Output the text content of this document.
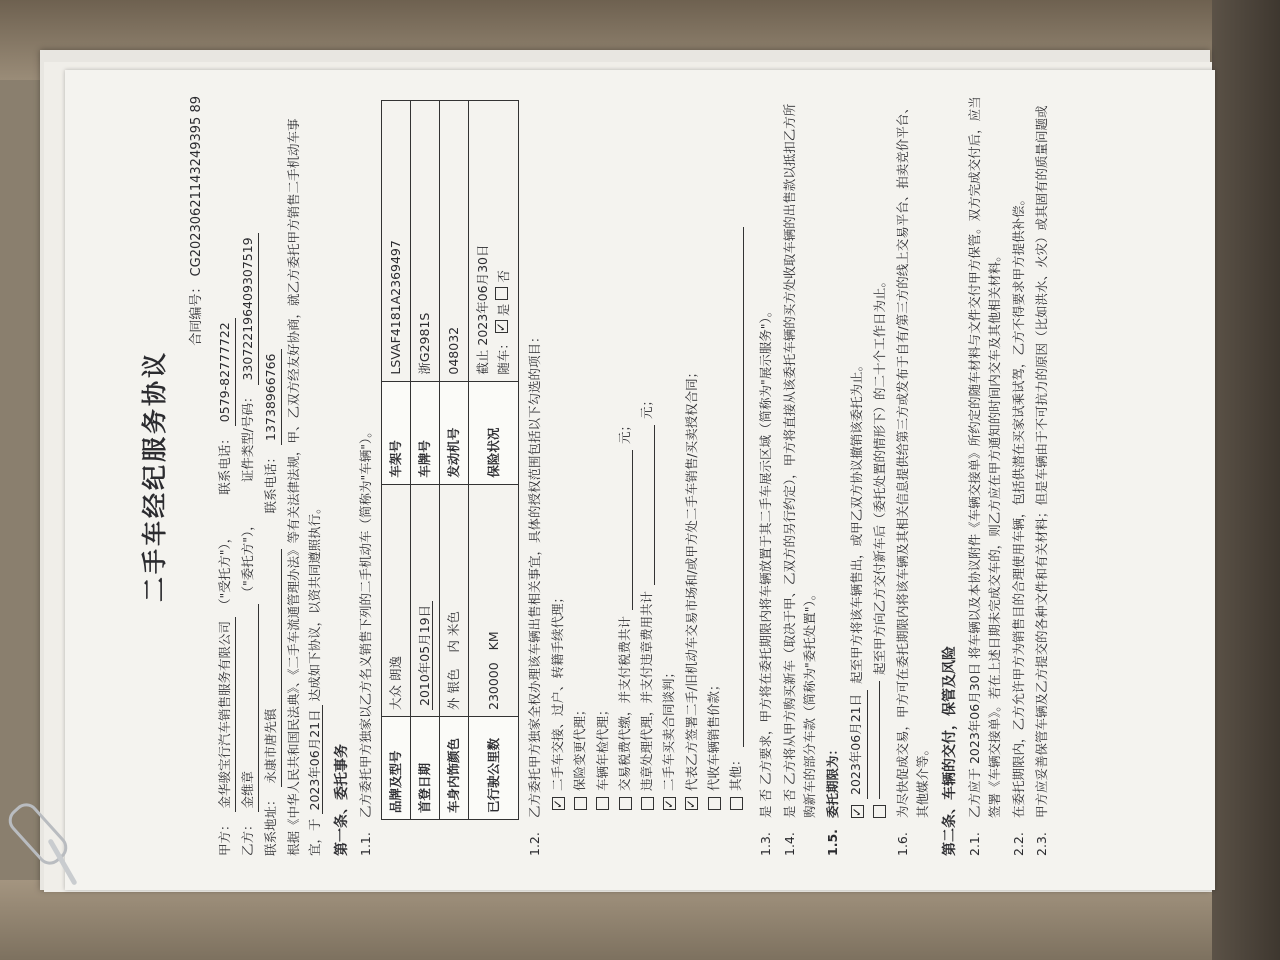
二手车经纪服务协议
合同编号： CG20230621143249395 89
甲方：
金华骏宝行汽车销售服务有限公司
（"受托方"），
联系电话：
0579-82777722
乙方：
金维章
（"委托方"），
证件类型/号码：
330722196409307519
联系地址：
永康市唐先镇
联系电话：
13738966766 根据《中华人民共和国民法典》、《二手车流通管理办法》等有关法律法规，甲、乙双方经友好协商，就乙方委托甲方销售二手机动车事宜，于 2023年06月21日 达成如下协议，以资共同遵照执行。
第一条、委托事务 1.1.
乙方委托甲方独家以乙方名义销售下列的二手机动车（简称为"车辆"）。 品牌及型号	大众 朗逸	车架号	LSVAF4181A2369497
首登日期	2010年05月19日	车牌号	浙G2981S
车身内饰颜色	外 银色    内 米色	发动机号	048032
已行驶公里数	230000   KM	保险状况	截止 2023年06月30日 随车： ✓ 是  否
1.2.
乙方委托甲方独家全权办理该车辆出售相关事宜，具体的授权范围包括以下勾选的项目：
✓ 二手车交接、过户、转籍手续代理； 保险变更代理； 车辆年检代理； 交易税费代缴，并支付税费共计
元；
违章处理代理，并支付违章费用共计
元；
✓
二手车买卖合同谈判；
✓ 代表乙方签署二手/旧机动车交易市场和/或甲方处二手车销售/买卖授权合同； 代收车辆销售价款； 其他：
1.3.
是 否 乙方要求，甲方将在委托期限内将车辆放置于其二手车展示区域（简称为"展示服务"）。
1.4.
是 否 乙方将从甲方购买新车（取决于甲、乙双方的另行约定），甲方将直接从该委托车辆的买方处收取车辆的出售款以抵扣乙方所购新车的部分车款（简称为"委托处置"）。
1.5.
委托期限为：
✓ 2023年06月21日
起至甲方将该车辆售出，或甲乙双方协议撤销该委托为止。 起至甲方向乙方交付新车后（委托处置的情形下）的二十个工作日为止。
1.6.
为尽快促成交易，甲方可在委托期限内将该车辆及其相关信息提供给第三方或发布于自有/第三方的线上交易平台、拍卖竞价平台、其他媒介等。 第二条、车辆的交付，保管及风险 2.1.
乙方应于 2023年06月30日 将车辆以及本协议附件《车辆交接单》所约定的随车材料与文件交付甲方保管。双方完成交付后，应当签署《车辆交接单》。若在上述日期未完成交车的，则乙方应在甲方通知的时间内交车及其他相关材料。
2.2.
在委托期限内，乙方允许甲方为销售目的合理使用车辆，包括供潜在买家试乘试驾，乙方不得要求甲方提供补偿。
2.3.
甲方应妥善保管车辆及乙方提交的各种文件和有关材料；但是车辆由于不可抗力的原因（比如洪水、火灾）或其固有的质量问题或
